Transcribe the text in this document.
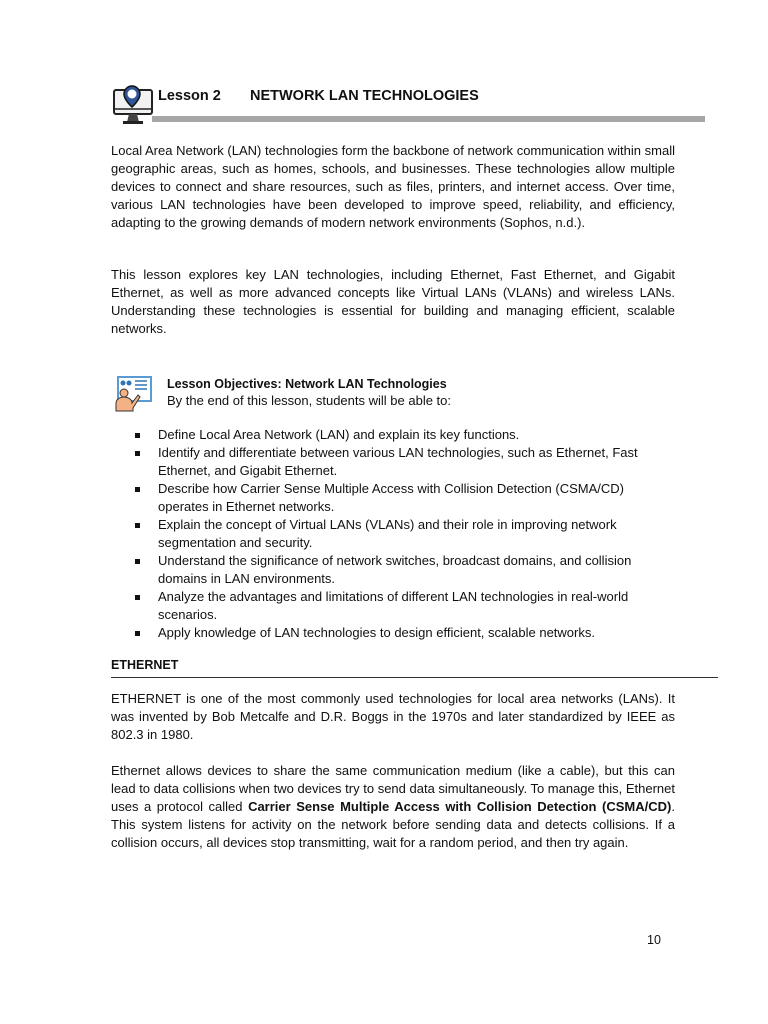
Lesson 2 NETWORK LAN TECHNOLOGIES
Local Area Network (LAN) technologies form the backbone of network communication within small geographic areas, such as homes, schools, and businesses. These technologies allow multiple devices to connect and share resources, such as files, printers, and internet access. Over time, various LAN technologies have been developed to improve speed, reliability, and efficiency, adapting to the growing demands of modern network environments (Sophos, n.d.).
This lesson explores key LAN technologies, including Ethernet, Fast Ethernet, and Gigabit Ethernet, as well as more advanced concepts like Virtual LANs (VLANs) and wireless LANs. Understanding these technologies is essential for building and managing efficient, scalable networks.
Lesson Objectives: Network LAN Technologies
By the end of this lesson, students will be able to:
Define Local Area Network (LAN) and explain its key functions.
Identify and differentiate between various LAN technologies, such as Ethernet, Fast Ethernet, and Gigabit Ethernet.
Describe how Carrier Sense Multiple Access with Collision Detection (CSMA/CD) operates in Ethernet networks.
Explain the concept of Virtual LANs (VLANs) and their role in improving network segmentation and security.
Understand the significance of network switches, broadcast domains, and collision domains in LAN environments.
Analyze the advantages and limitations of different LAN technologies in real-world scenarios.
Apply knowledge of LAN technologies to design efficient, scalable networks.
ETHERNET
ETHERNET is one of the most commonly used technologies for local area networks (LANs). It was invented by Bob Metcalfe and D.R. Boggs in the 1970s and later standardized by IEEE as 802.3 in 1980.
Ethernet allows devices to share the same communication medium (like a cable), but this can lead to data collisions when two devices try to send data simultaneously. To manage this, Ethernet uses a protocol called Carrier Sense Multiple Access with Collision Detection (CSMA/CD). This system listens for activity on the network before sending data and detects collisions. If a collision occurs, all devices stop transmitting, wait for a random period, and then try again.
10
